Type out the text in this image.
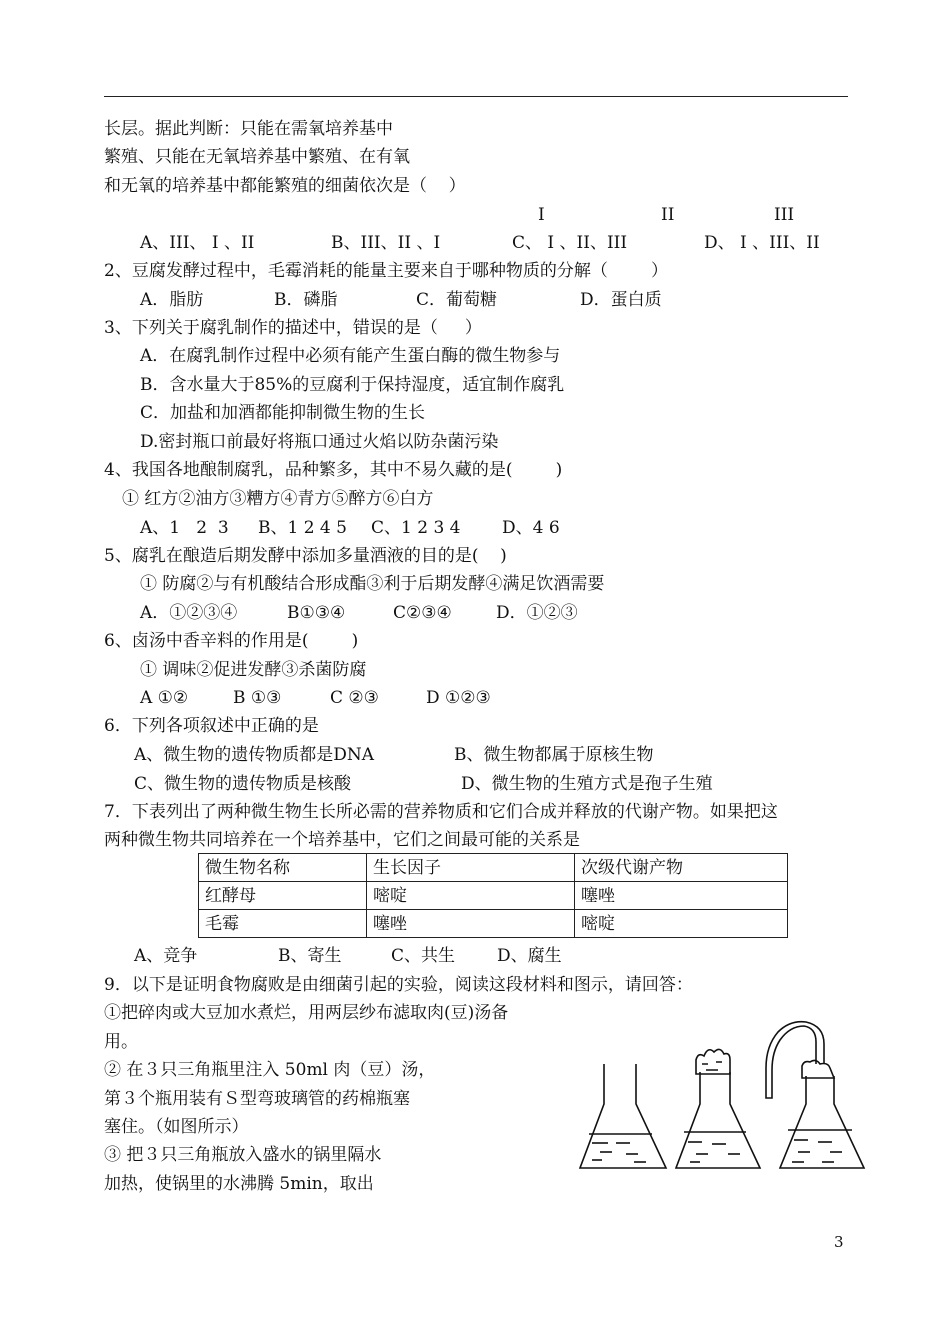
长层。据此判断：只能在需氧培养基中
繁殖、只能在无氧培养基中繁殖、在有氧
和无氧的培养基中都能繁殖的细菌依次是（    ）
I	II	III
A、III、 I 、II	B、III、II 、I	C、 I 、II、III	D、 I 、III、II
2、豆腐发酵过程中，毛霉消耗的能量主要来自于哪种物质的分解（        ）
A．脂肪	B．磷脂	C．葡萄糖	D．蛋白质
3、下列关于腐乳制作的描述中，错误的是（     ）
A．在腐乳制作过程中必须有能产生蛋白酶的微生物参与
B．含水量大于85%的豆腐利于保持湿度，适宜制作腐乳
C．加盐和加酒都能抑制微生物的生长
D.密封瓶口前最好将瓶口通过火焰以防杂菌污染
4、我国各地酿制腐乳，品种繁多，其中不易久藏的是(        )
① 红方②油方③糟方④青方⑤醉方⑥白方
A、1   2  3 B、1 2 4 5 C、1 2 3 4 D、4 6
5、腐乳在酿造后期发酵中添加多量酒液的目的是(    )
① 防腐②与有机酸结合形成酯③利于后期发酵④满足饮酒需要
A．①②③④	B①③④	C②③④	D．①②③
6、卤汤中香辛料的作用是(        )
① 调味②促进发酵③杀菌防腐
A ①②	B ①③	C ②③	D ①②③
6．下列各项叙述中正确的是
A、微生物的遗传物质都是DNA	B、微生物都属于原核生物
C、微生物的遗传物质是核酸	D、微生物的生殖方式是孢子生殖
7．下表列出了两种微生物生长所必需的营养物质和它们合成并释放的代谢产物。如果把这
两种微生物共同培养在一个培养基中，它们之间最可能的关系是
微生物名称	生长因子	次级代谢产物
红酵母	嘧啶	噻唑
毛霉	噻唑	嘧啶
A、竞争	B、寄生	C、共生 D、腐生
9．以下是证明食物腐败是由细菌引起的实验，阅读这段材料和图示，请回答：
①把碎肉或大豆加水煮烂，用两层纱布滤取肉(豆)汤备
用。
② 在３只三角瓶里注入 50ml 肉（豆）汤，
第３个瓶用装有Ｓ型弯玻璃管的药棉瓶塞
塞住。（如图所示）
③ 把３只三角瓶放入盛水的锅里隔水
加热，使锅里的水沸腾 5min，取出
3
